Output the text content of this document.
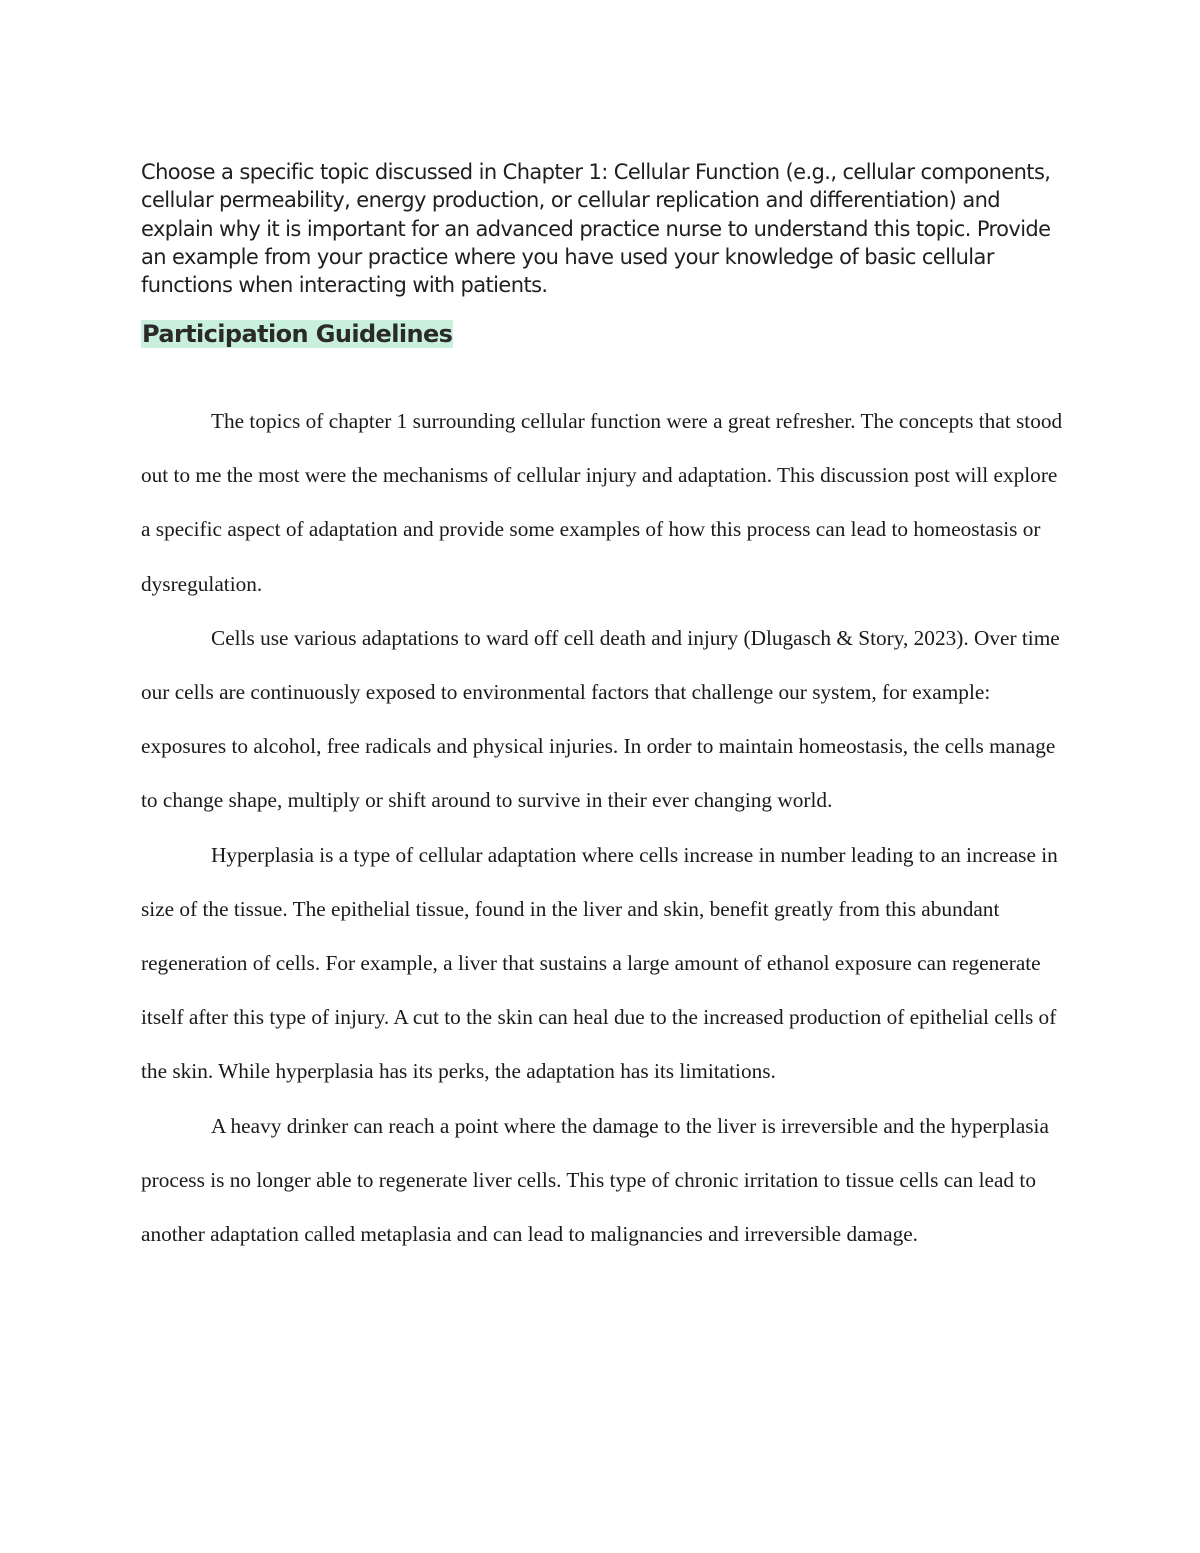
Choose a specific topic discussed in Chapter 1: Cellular Function (e.g., cellular components, cellular permeability, energy production, or cellular replication and differentiation) and explain why it is important for an advanced practice nurse to understand this topic. Provide an example from your practice where you have used your knowledge of basic cellular functions when interacting with patients.

Participation Guidelines

The topics of chapter 1 surrounding cellular function were a great refresher. The concepts that stood out to me the most were the mechanisms of cellular injury and adaptation. This discussion post will explore a specific aspect of adaptation and provide some examples of how this process can lead to homeostasis or dysregulation.

Cells use various adaptations to ward off cell death and injury (Dlugasch & Story, 2023). Over time our cells are continuously exposed to environmental factors that challenge our system, for example: exposures to alcohol, free radicals and physical injuries. In order to maintain homeostasis, the cells manage to change shape, multiply or shift around to survive in their ever changing world.

Hyperplasia is a type of cellular adaptation where cells increase in number leading to an increase in size of the tissue. The epithelial tissue, found in the liver and skin, benefit greatly from this abundant regeneration of cells. For example, a liver that sustains a large amount of ethanol exposure can regenerate itself after this type of injury. A cut to the skin can heal due to the increased production of epithelial cells of the skin. While hyperplasia has its perks, the adaptation has its limitations.

A heavy drinker can reach a point where the damage to the liver is irreversible and the hyperplasia process is no longer able to regenerate liver cells. This type of chronic irritation to tissue cells can lead to another adaptation called metaplasia and can lead to malignancies and irreversible damage.
